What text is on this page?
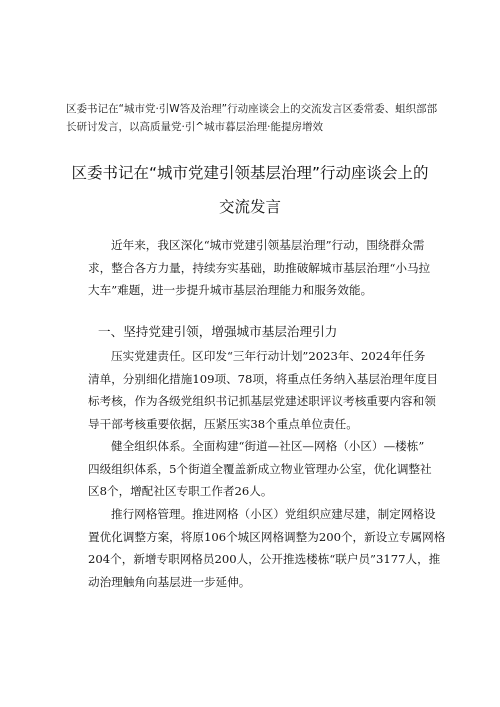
区委书记在“城市党·引W答及治理”行动座谈会上的交流发言区委常委、蛆织部部
长研讨发言，以高质量党·引^城市暮层治理·能提房增效
区委书记在“城市党建引领基层治理”行动座谈会上的
交流发言
近年来，我区深化“城市党建引领基层治理”行动，围绕群众需
求，整合各方力量，持续夯实基础，助推破解城市基层治理“小马拉
大车”难题，进一步提升城市基层治理能力和服务效能。
一、坚持党建引领，增强城市基层治理引力
压实党建责任。区印发“三年行动计划”2023年、2024年任务
清单，分别细化措施109项、78项，将重点任务纳入基层治理年度目
标考核，作为各级党组织书记抓基层党建述职评议考核重要内容和领
导干部考核重要依据，压紧压实38个重点单位责任。
健全组织体系。全面构建“街道—社区—网格（小区）—楼栋”
四级组织体系，5个街道全覆盖新成立物业管理办公室，优化调整社
区8个，增配社区专职工作者26人。
推行网格管理。推进网格（小区）党组织应建尽建，制定网格设
置优化调整方案，将原106个城区网格调整为200个，新设立专属网格
204个，新增专职网格员200人，公开推选楼栋“联户员”3177人，推
动治理触角向基层进一步延伸。
